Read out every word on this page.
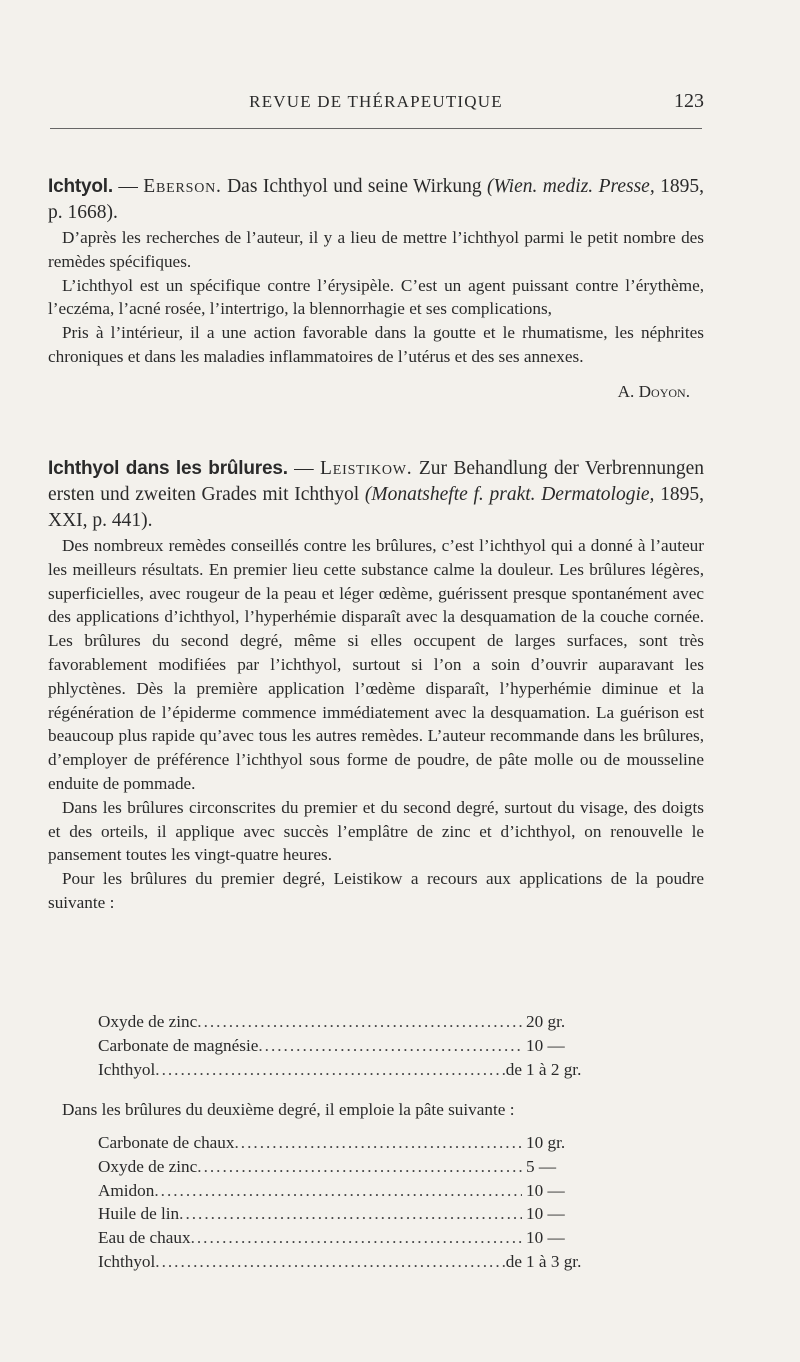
REVUE DE THÉRAPEUTIQUE	123

Ichtyol. — Eberson. Das Ichthyol und seine Wirkung (Wien. mediz. Presse, 1895, p. 1668).

D’après les recherches de l’auteur, il y a lieu de mettre l’ichthyol parmi le petit nombre des remèdes spécifiques.

L’ichthyol est un spécifique contre l’érysipèle. C’est un agent puissant contre l’érythème, l’eczéma, l’acné rosée, l’intertrigo, la blennorrhagie et ses complications,

Pris à l’intérieur, il a une action favorable dans la goutte et le rhumatisme, les néphrites chroniques et dans les maladies inflammatoires de l’utérus et des ses annexes.

A. Doyon.

Ichthyol dans les brûlures. — Leistikow. Zur Behandlung der Verbrennungen ersten und zweiten Grades mit Ichthyol (Monatshefte f. prakt. Dermatologie, 1895, XXI, p. 441).

Des nombreux remèdes conseillés contre les brûlures, c’est l’ichthyol qui a donné à l’auteur les meilleurs résultats. En premier lieu cette substance calme la douleur. Les brûlures légères, superficielles, avec rougeur de la peau et léger œdème, guérissent presque spontanément avec des applications d’ichthyol, l’hyperhémie disparaît avec la desquamation de la couche cornée. Les brûlures du second degré, même si elles occupent de larges surfaces, sont très favorablement modifiées par l’ichthyol, surtout si l’on a soin d’ouvrir auparavant les phlyctènes. Dès la première application l’œdème disparaît, l’hyperhémie diminue et la régénération de l’épiderme commence immédiatement avec la desquamation. La guérison est beaucoup plus rapide qu’avec tous les autres remèdes. L’auteur recommande dans les brûlures, d’employer de préférence l’ichthyol sous forme de poudre, de pâte molle ou de mousseline enduite de pommade.

Dans les brûlures circonscrites du premier et du second degré, surtout du visage, des doigts et des orteils, il applique avec succès l’emplâtre de zinc et d’ichthyol, on renouvelle le pansement toutes les vingt-quatre heures.

Pour les brûlures du premier degré, Leistikow a recours aux applications de la poudre suivante :

Oxyde de zinc .....	20 gr.
Carbonate de magnésie .....	10 —
Ichthyol .....	de 1 à 2 gr.
Dans les brûlures du deuxième degré, il emploie la pâte suivante :
Carbonate de chaux .....	10 gr.
Oxyde de zinc .....	5 —
Amidon .....	10 —
Huile de lin .....	10 —
Eau de chaux .....	10 —
Ichthyol .....	de 1 à 3 gr.
